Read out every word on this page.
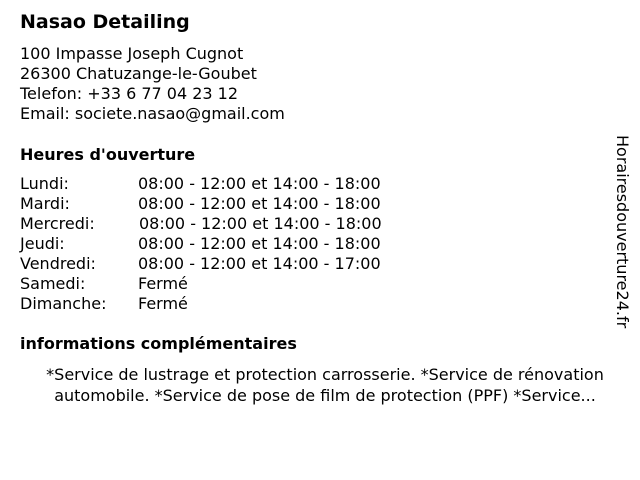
Nasao Detailing
100 Impasse Joseph Cugnot
26300 Chatuzange-le-Goubet
Telefon: +33 6 77 04 23 12
Email: societe.nasao@gmail.com
Heures d'ouverture
Lundi:	08:00 - 12:00 et 14:00 - 18:00
Mardi:	08:00 - 12:00 et 14:00 - 18:00
Mercredi:	08:00 - 12:00 et 14:00 - 18:00
Jeudi:	08:00 - 12:00 et 14:00 - 18:00
Vendredi:	08:00 - 12:00 et 14:00 - 17:00
Samedi:	Fermé
Dimanche: Fermé
informations complémentaires
*Service de lustrage et protection carrosserie. *Service de rénovation automobile. *Service de pose de film de protection (PPF) *Service...
Horairesdouverture24.fr
